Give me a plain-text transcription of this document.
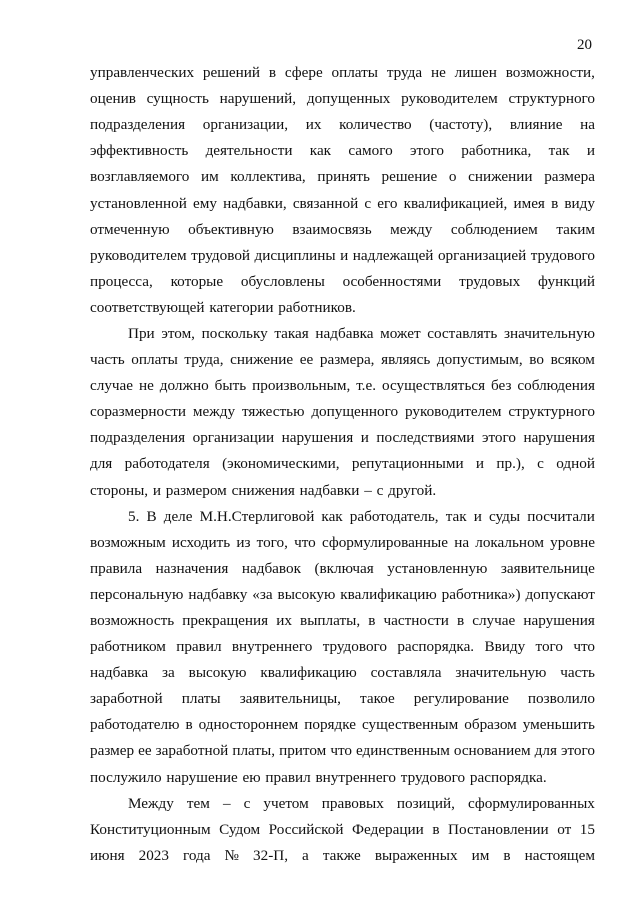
20
управленческих решений в сфере оплаты труда не лишен возможности,
оценив сущность нарушений, допущенных руководителем структурного
подразделения организации, их количество (частоту), влияние на
эффективность деятельности как самого этого работника, так и
возглавляемого им коллектива, принять решение о снижении размера
установленной ему надбавки, связанной с его квалификацией, имея в виду
отмеченную объективную взаимосвязь между соблюдением таким
руководителем трудовой дисциплины и надлежащей организацией трудового
процесса, которые обусловлены особенностями трудовых функций
соответствующей категории работников.
При этом, поскольку такая надбавка может составлять значительную
часть оплаты труда, снижение ее размера, являясь допустимым, во всяком
случае не должно быть произвольным, т.е. осуществляться без соблюдения
соразмерности между тяжестью допущенного руководителем структурного
подразделения организации нарушения и последствиями этого нарушения
для работодателя (экономическими, репутационными и пр.), с одной
стороны, и размером снижения надбавки – с другой.
5. В деле М.Н.Стерлиговой как работодатель, так и суды посчитали
возможным исходить из того, что сформулированные на локальном уровне
правила назначения надбавок (включая установленную заявительнице
персональную надбавку «за высокую квалификацию работника») допускают
возможность прекращения их выплаты, в частности в случае нарушения
работником правил внутреннего трудового распорядка. Ввиду того что
надбавка за высокую квалификацию составляла значительную часть
заработной платы заявительницы, такое регулирование позволило
работодателю в одностороннем порядке существенным образом уменьшить
размер ее заработной платы, притом что единственным основанием для этого
послужило нарушение ею правил внутреннего трудового распорядка.
Между тем – с учетом правовых позиций, сформулированных
Конституционным Судом Российской Федерации в Постановлении от 15
июня 2023 года № 32-П, а также выраженных им в настоящем
